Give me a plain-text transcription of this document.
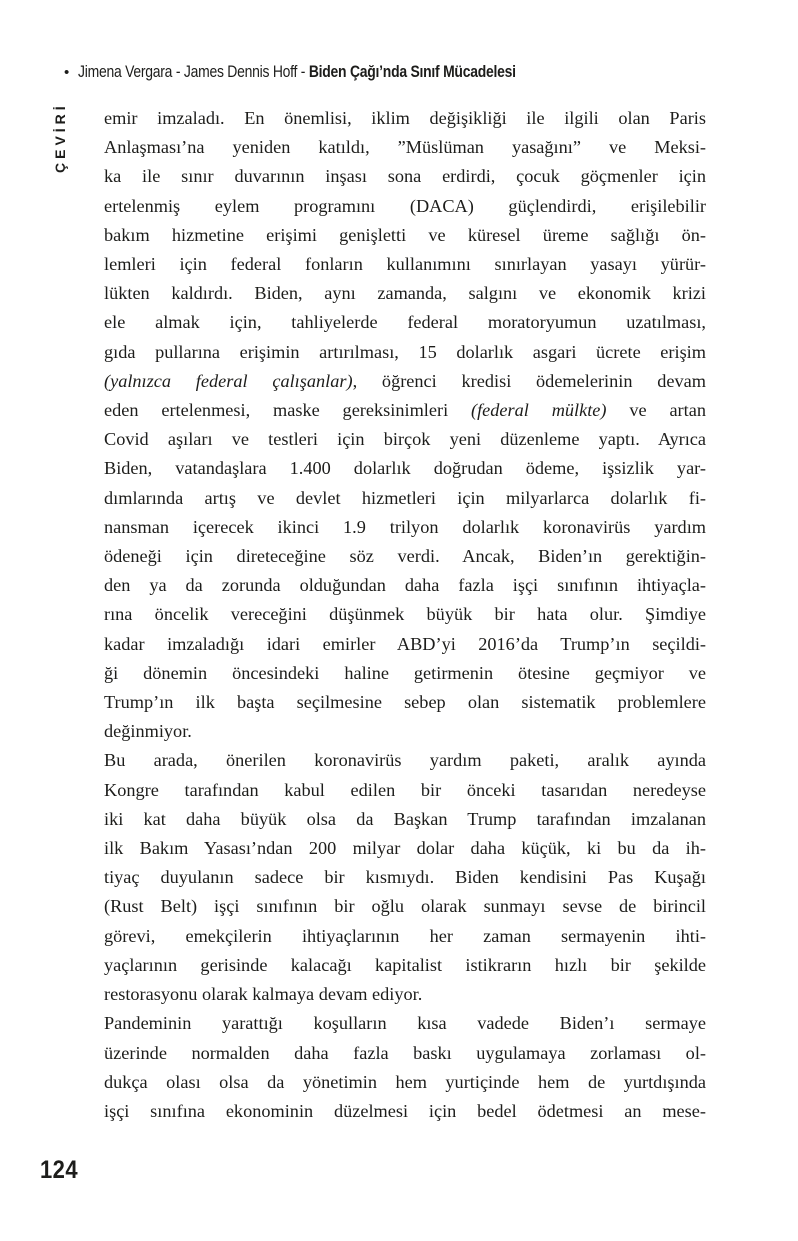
• Jimena Vergara - James Dennis Hoff - Biden Çağı’nda Sınıf Mücadelesi
ÇEVİRİ emir imzaladı. En önemlisi, iklim değişikliği ile ilgili olan Paris
Anlaşması’na yeniden katıldı, ”Müslüman yasağını” ve Meksi-
ka ile sınır duvarının inşası sona erdirdi, çocuk göçmenler için
ertelenmiş eylem programını (DACA) güçlendirdi, erişilebilir
bakım hizmetine erişimi genişletti ve küresel üreme sağlığı ön-
lemleri için federal fonların kullanımını sınırlayan yasayı yürür-
lükten kaldırdı. Biden, aynı zamanda, salgını ve ekonomik krizi
ele almak için, tahliyelerde federal moratoryumun uzatılması,
gıda pullarına erişimin artırılması, 15 dolarlık asgari ücrete erişim
(yalnızca federal çalışanlar), öğrenci kredisi ödemelerinin devam
eden ertelenmesi, maske gereksinimleri (federal mülkte) ve artan
Covid aşıları ve testleri için birçok yeni düzenleme yaptı. Ayrıca
Biden, vatandaşlara 1.400 dolarlık doğrudan ödeme, işsizlik yar-
dımlarında artış ve devlet hizmetleri için milyarlarca dolarlık fi-
nansman içerecek ikinci 1.9 trilyon dolarlık koronavirüs yardım
ödeneği için direteceğine söz verdi. Ancak, Biden’ın gerektiğin-
den ya da zorunda olduğundan daha fazla işçi sınıfının ihtiyaçla-
rına öncelik vereceğini düşünmek büyük bir hata olur. Şimdiye
kadar imzaladığı idari emirler ABD’yi 2016’da Trump’ın seçildi-
ği dönemin öncesindeki haline getirmenin ötesine geçmiyor ve
Trump’ın ilk başta seçilmesine sebep olan sistematik problemlere
değinmiyor.
Bu arada, önerilen koronavirüs yardım paketi, aralık ayında
Kongre tarafından kabul edilen bir önceki tasarıdan neredeyse
iki kat daha büyük olsa da Başkan Trump tarafından imzalanan
ilk Bakım Yasası’ndan 200 milyar dolar daha küçük, ki bu da ih-
tiyaç duyulanın sadece bir kısmıydı. Biden kendisini Pas Kuşağı
(Rust Belt) işçi sınıfının bir oğlu olarak sunmayı sevse de birincil
görevi, emekçilerin ihtiyaçlarının her zaman sermayenin ihti-
yaçlarının gerisinde kalacağı kapitalist istikrarın hızlı bir şekilde
restorasyonu olarak kalmaya devam ediyor.
Pandeminin yarattığı koşulların kısa vadede Biden’ı sermaye
üzerinde normalden daha fazla baskı uygulamaya zorlaması ol-
dukça olası olsa da yönetimin hem yurtiçinde hem de yurtdışında
işçi sınıfına ekonominin düzelmesi için bedel ödetmesi an mese-
124
